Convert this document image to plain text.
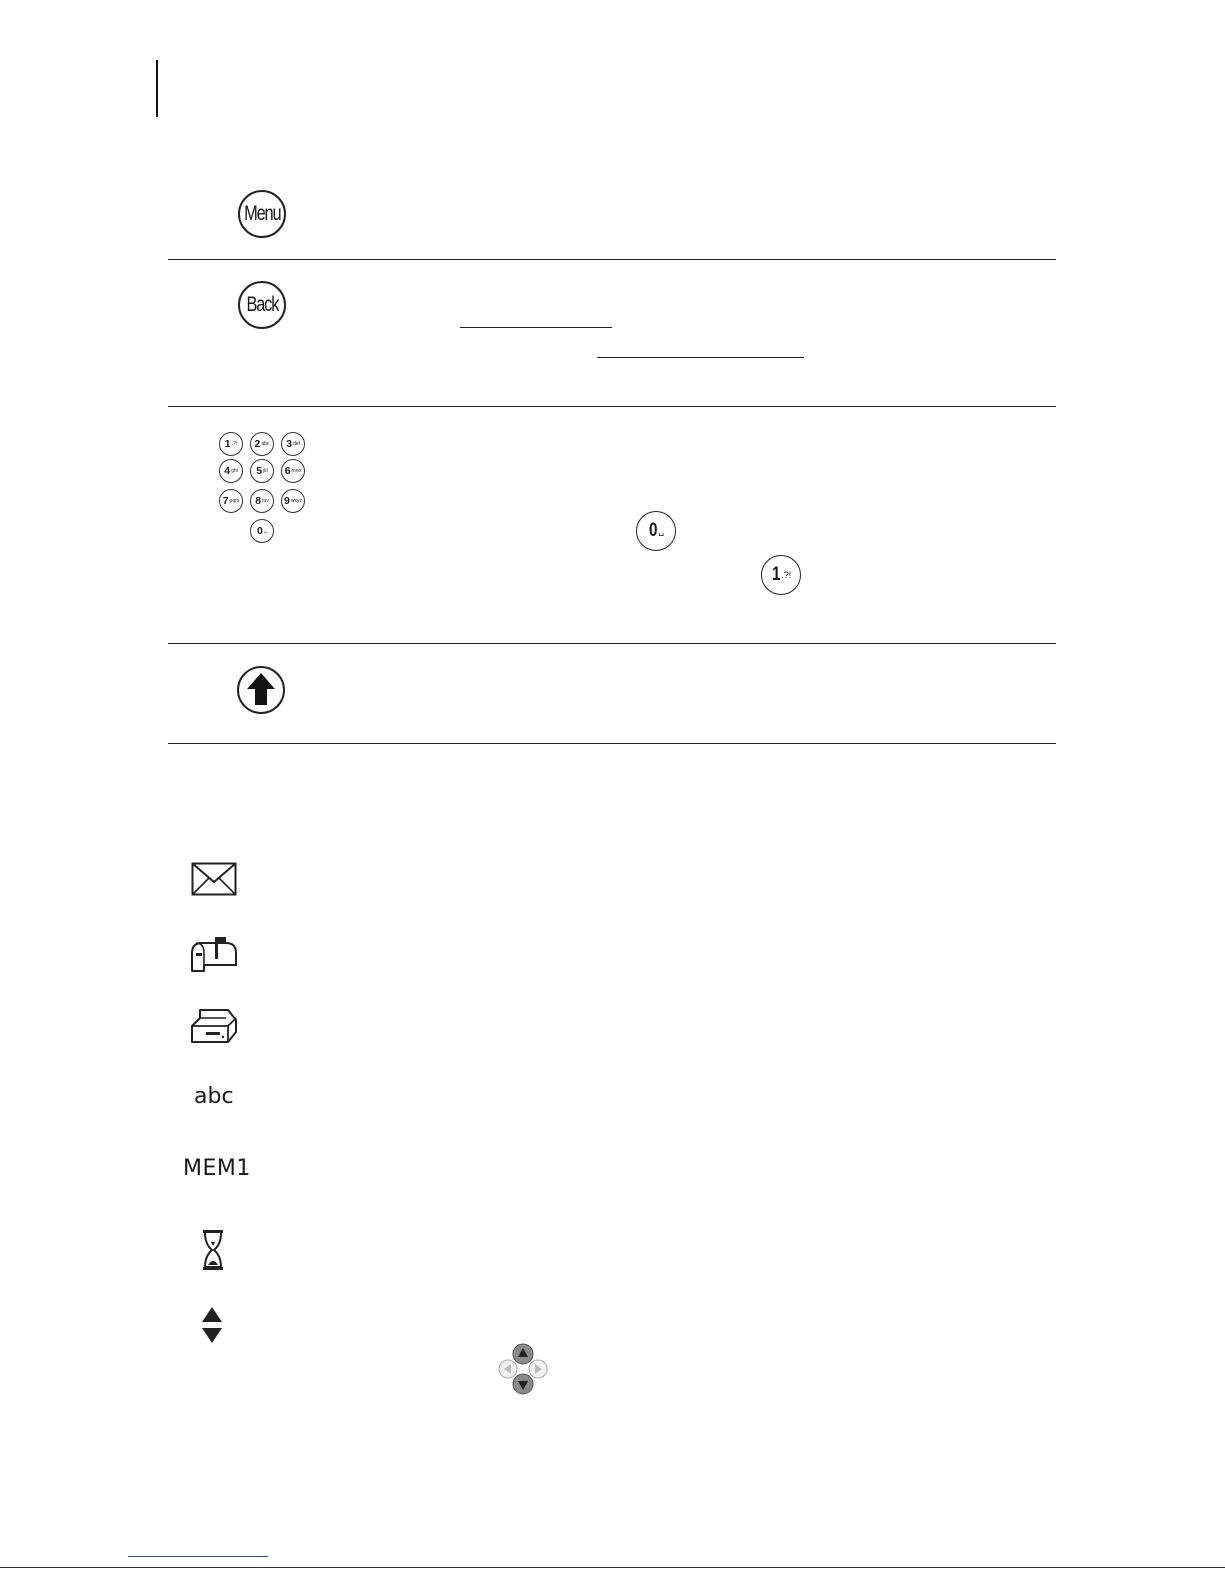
Menu
Back
1 .?! 2 abc 3 def
4 ghi 5 jkl 6 mno
7 pqrs 8 tuv 9 wxyz
0 ␣	0 ␣
1 .?!
abc
MEM1
